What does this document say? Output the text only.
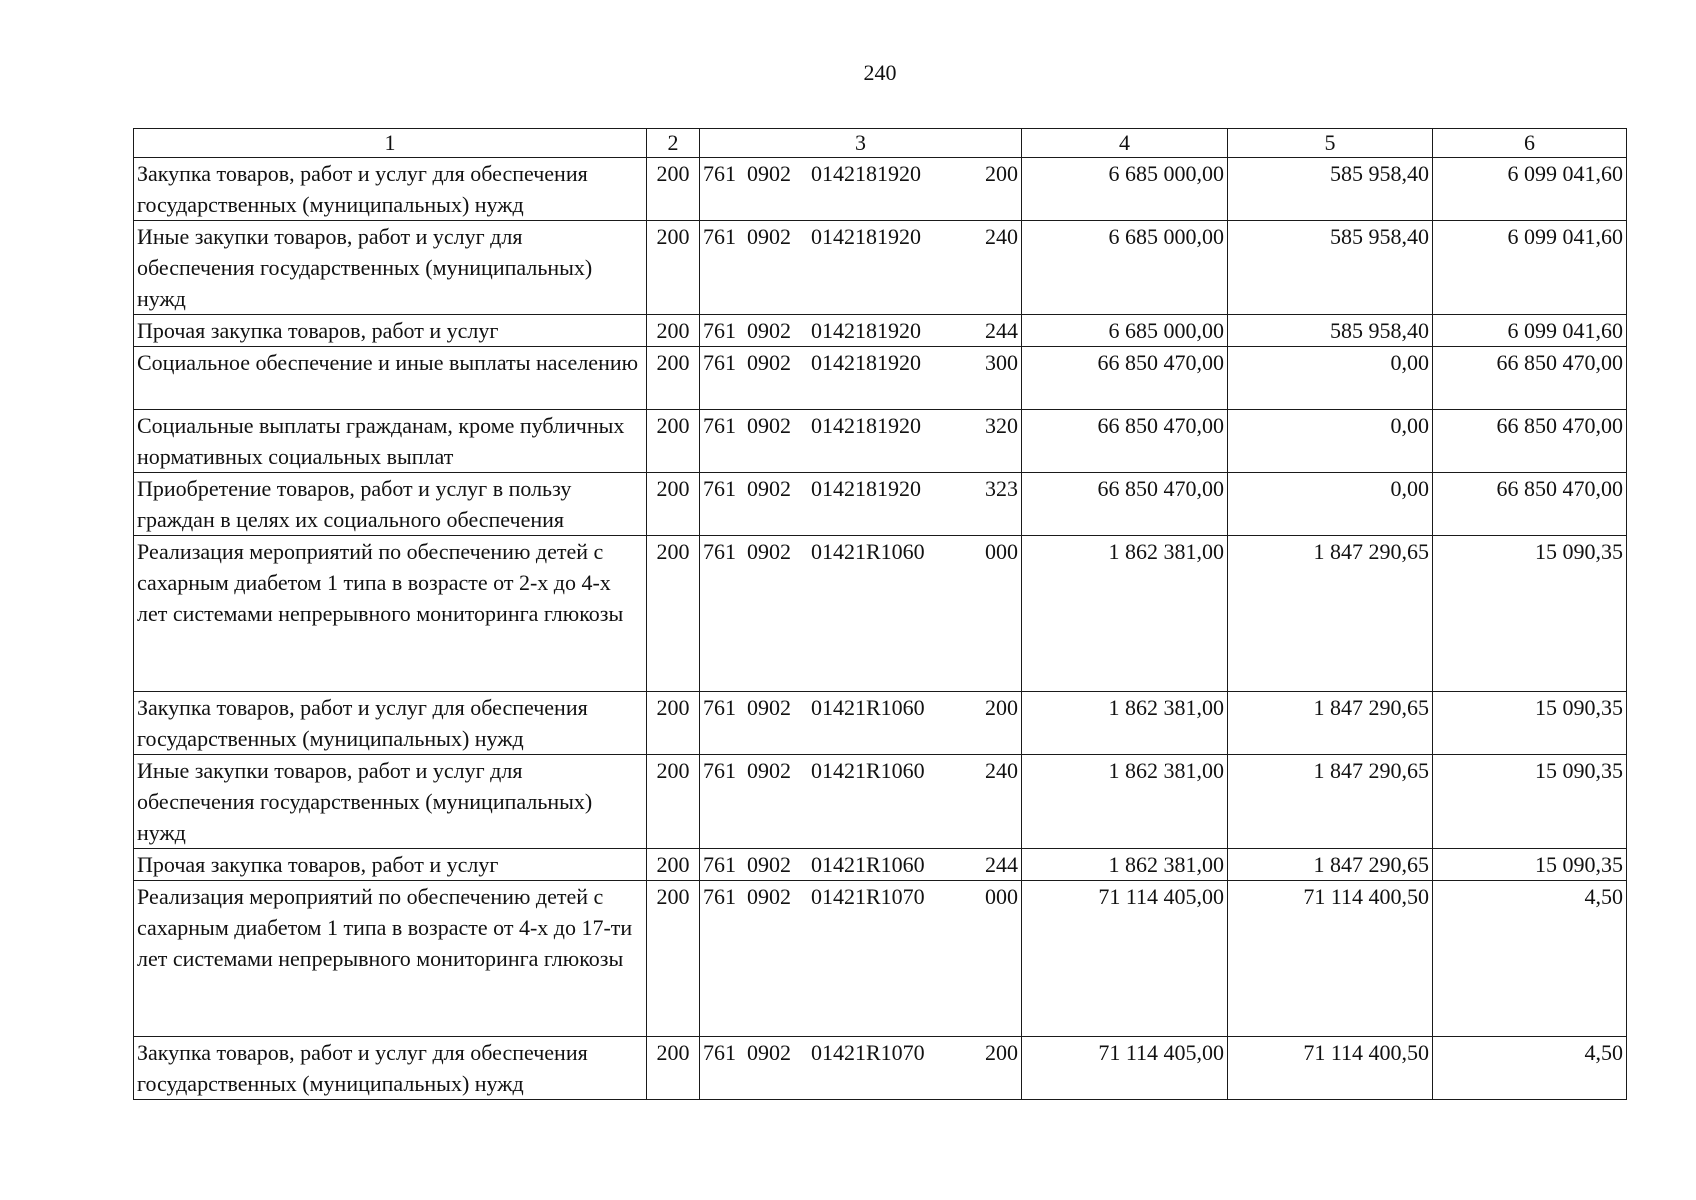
240
1	2	3	4	5	6
Закупка товаров, работ и услуг для обеспечения государственных (муниципальных) нужд	200	761 0902 0142181920 200	6 685 000,00	585 958,40	6 099 041,60
Иные закупки товаров, работ и услуг для обеспечения государственных (муниципальных) нужд	200	761 0902 0142181920 240	6 685 000,00	585 958,40	6 099 041,60
Прочая закупка товаров, работ и услуг	200	761 0902 0142181920 244	6 685 000,00	585 958,40	6 099 041,60
Социальное обеспечение и иные выплаты населению	200	761 0902 0142181920 300	66 850 470,00	0,00	66 850 470,00
Социальные выплаты гражданам, кроме публичных нормативных социальных выплат	200	761 0902 0142181920 320	66 850 470,00	0,00	66 850 470,00
Приобретение товаров, работ и услуг в пользу граждан в целях их социального обеспечения	200	761 0902 0142181920 323	66 850 470,00	0,00	66 850 470,00
Реализация мероприятий по обеспечению детей с сахарным диабетом 1 типа в возрасте от 2-х до 4-х лет системами непрерывного мониторинга глюкозы	200	761 0902 01421R1060 000	1 862 381,00	1 847 290,65	15 090,35
Закупка товаров, работ и услуг для обеспечения государственных (муниципальных) нужд	200	761 0902 01421R1060 200	1 862 381,00	1 847 290,65	15 090,35
Иные закупки товаров, работ и услуг для обеспечения государственных (муниципальных) нужд	200	761 0902 01421R1060 240	1 862 381,00	1 847 290,65	15 090,35
Прочая закупка товаров, работ и услуг	200	761 0902 01421R1060 244	1 862 381,00	1 847 290,65	15 090,35
Реализация мероприятий по обеспечению детей с сахарным диабетом 1 типа в возрасте от 4-х до 17-ти лет системами непрерывного мониторинга глюкозы	200	761 0902 01421R1070 000	71 114 405,00	71 114 400,50	4,50
Закупка товаров, работ и услуг для обеспечения государственных (муниципальных) нужд	200	761 0902 01421R1070 200	71 114 405,00	71 114 400,50	4,50
